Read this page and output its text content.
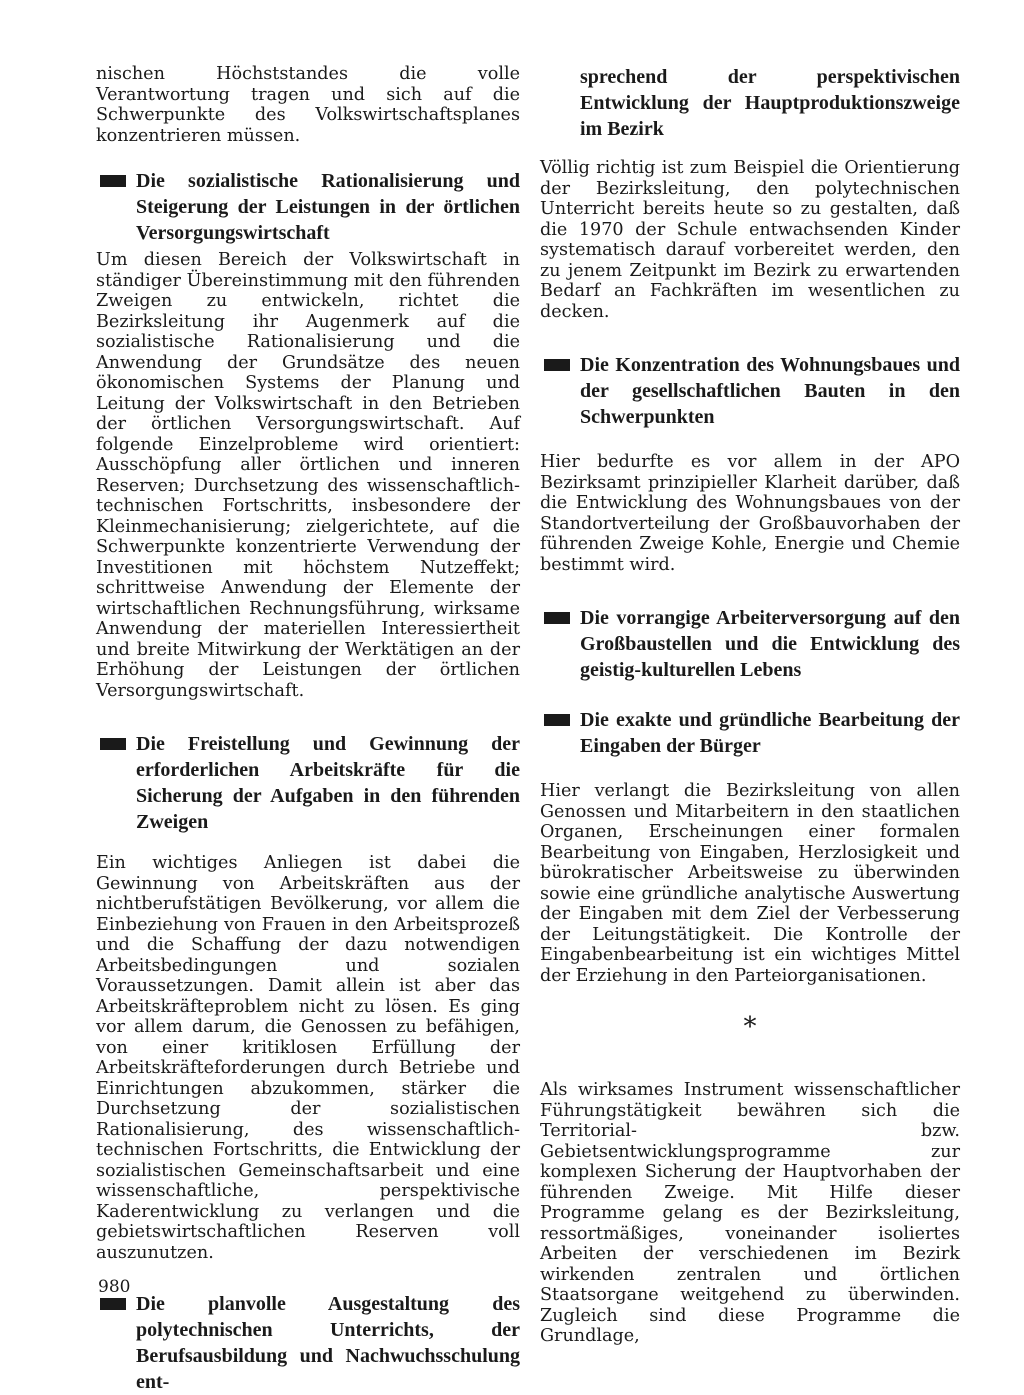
nischen Höchststandes die volle Verantwortung tragen und sich auf die Schwerpunkte des Volkswirtschaftsplanes konzentrieren müssen.

Die sozialistische Rationalisierung und Steigerung der Leistungen in der örtlichen Versorgungswirtschaft

Um diesen Bereich der Volkswirtschaft in ständiger Übereinstimmung mit den führenden Zweigen zu entwickeln, richtet die Bezirksleitung ihr Augenmerk auf die sozialistische Rationalisierung und die Anwendung der Grundsätze des neuen ökonomischen Systems der Planung und Leitung der Volkswirtschaft in den Betrieben der örtlichen Versorgungswirtschaft. Auf folgende Einzelprobleme wird orientiert: Ausschöpfung aller örtlichen und inneren Reserven; Durchsetzung des wissenschaftlich-technischen Fortschritts, insbesondere der Kleinmechanisierung; zielgerichtete, auf die Schwerpunkte konzentrierte Verwendung der Investitionen mit höchstem Nutzeffekt; schrittweise Anwendung der Elemente der wirtschaftlichen Rechnungsführung, wirksame Anwendung der materiellen Interessiertheit und breite Mitwirkung der Werktätigen an der Erhöhung der Leistungen der örtlichen Versorgungswirtschaft.

Die Freistellung und Gewinnung der erforderlichen Arbeitskräfte für die Sicherung der Aufgaben in den führenden Zweigen

Ein wichtiges Anliegen ist dabei die Gewinnung von Arbeitskräften aus der nichtberufstätigen Bevölkerung, vor allem die Einbeziehung von Frauen in den Arbeitsprozeß und die Schaffung der dazu notwendigen Arbeitsbedingungen und sozialen Voraussetzungen. Damit allein ist aber das Arbeitskräfteproblem nicht zu lösen. Es ging vor allem darum, die Genossen zu befähigen, von einer kritiklosen Erfüllung der Arbeitskräfteforderungen durch Betriebe und Einrichtungen abzukommen, stärker die Durchsetzung der sozialistischen Rationalisierung, des wissenschaftlich-technischen Fortschritts, die Entwicklung der sozialistischen Gemeinschaftsarbeit und eine wissenschaftliche, perspektivische Kaderentwicklung zu verlangen und die gebietswirtschaftlichen Reserven voll auszunutzen.

Die planvolle Ausgestaltung des polytechnischen Unterrichts, der Berufsausbildung und Nachwuchsschulung ent-
sprechend der perspektivischen Entwicklung der Hauptproduktionszweige im Bezirk

Völlig richtig ist zum Beispiel die Orientierung der Bezirksleitung, den polytechnischen Unterricht bereits heute so zu gestalten, daß die 1970 der Schule entwachsenden Kinder systematisch darauf vorbereitet werden, den zu jenem Zeitpunkt im Bezirk zu erwartenden Bedarf an Fachkräften im wesentlichen zu decken.

Die Konzentration des Wohnungsbaues und der gesellschaftlichen Bauten in den Schwerpunkten

Hier bedurfte es vor allem in der APO Bezirksamt prinzipieller Klarheit darüber, daß die Entwicklung des Wohnungsbaues von der Standortverteilung der Großbauvorhaben der führenden Zweige Kohle, Energie und Chemie bestimmt wird.

Die vorrangige Arbeiterversorgung auf den Großbaustellen und die Entwicklung des geistig-kulturellen Lebens
Die exakte und gründliche Bearbeitung der Eingaben der Bürger

Hier verlangt die Bezirksleitung von allen Genossen und Mitarbeitern in den staatlichen Organen, Erscheinungen einer formalen Bearbeitung von Eingaben, Herzlosigkeit und bürokratischer Arbeitsweise zu überwinden sowie eine gründliche analytische Auswertung der Eingaben mit dem Ziel der Verbesserung der Leitungstätigkeit. Die Kontrolle der Eingabenbearbeitung ist ein wichtiges Mittel der Erziehung in den Parteiorganisationen.

*

Als wirksames Instrument wissenschaftlicher Führungstätigkeit bewähren sich die Territorial- bzw. Gebietsentwicklungsprogramme zur komplexen Sicherung der Hauptvorhaben der führenden Zweige. Mit Hilfe dieser Programme gelang es der Bezirksleitung, ressortmäßiges, voneinander isoliertes Arbeiten der verschiedenen im Bezirk wirkenden zentralen und örtlichen Staatsorgane weitgehend zu überwinden. Zugleich sind diese Programme die Grundlage,

980
